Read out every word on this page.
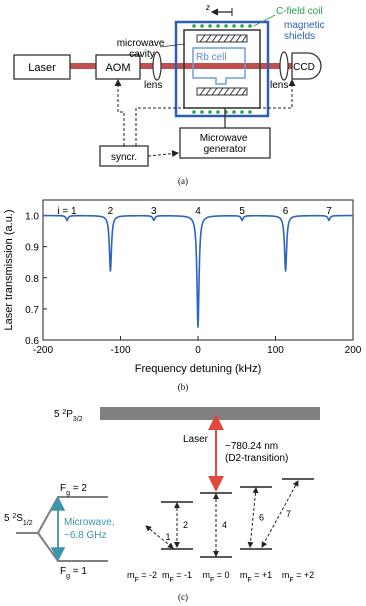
Rb cell
z
Laser	AOM
lens	lens
CCD
microwave cavity
C-field coil
magnetic shields
Microwave generator
syncr.
(a)
0.6
0.7
0.8
0.9
1.0
-200	-100	0	100	200
i = 1	2	3	4	5	6	7
Frequency detuning (kHz)
Laser transmission (a.u.)
(b)
5 $^2P_{3/2}$
Laser
~780.24 nm
(D2-transition)
5 $^2S_{1/2}$
$F_g = 2$
$F_g = 1$
Microwave,
~6.8 GHz	1
2	4
6 7
$m_F = -2$ $m_F = -1$ $m_F = 0$ $m_F = +1$ $m_F = +2$
(c)
